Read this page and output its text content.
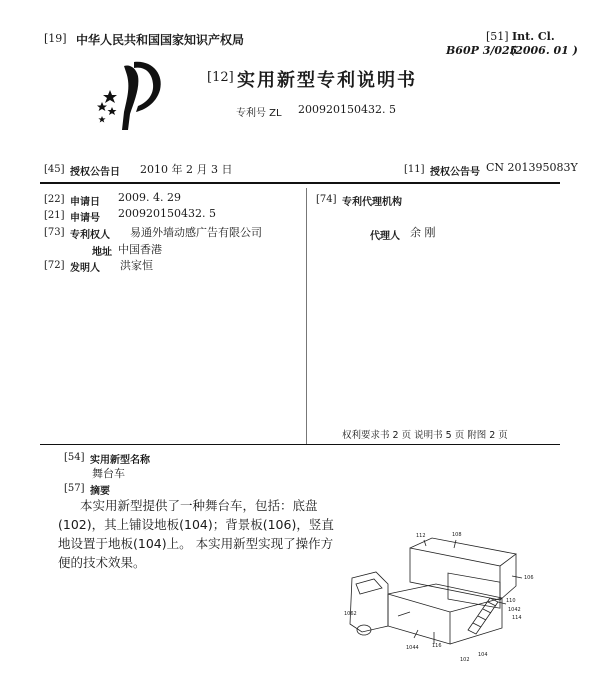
[19] 中华人民共和国国家知识产权局	[51] Int. Cl.
B60P 3/025
(2006. 01 )
[12] 实用新型专利说明书
专利号 ZL 200920150432. 5
[45] 授权公告日 2010 年 2 月 3 日	[11] 授权公告号 CN 201395083Y
[22] 申请日 2009. 4. 29
[21] 申请号 200920150432. 5
[73] 专利权人 易通外墙动感广告有限公司
地址 中国香港
[72] 发明人 洪家恒
[74] 专利代理机构
代理人 余 刚
权利要求书 2 页 说明书 5 页 附图 2 页
[54] 实用新型名称
舞台车
[57] 摘要
本实用新型提供了一种舞台车，包括：底盘
(102)，其上铺设地板(104)；背景板(106)，竖直
地设置于地板(104)上。 本实用新型实现了操作方
便的技术效果。
112	108
106
110
1042
114
104
102
1044
1062
116
